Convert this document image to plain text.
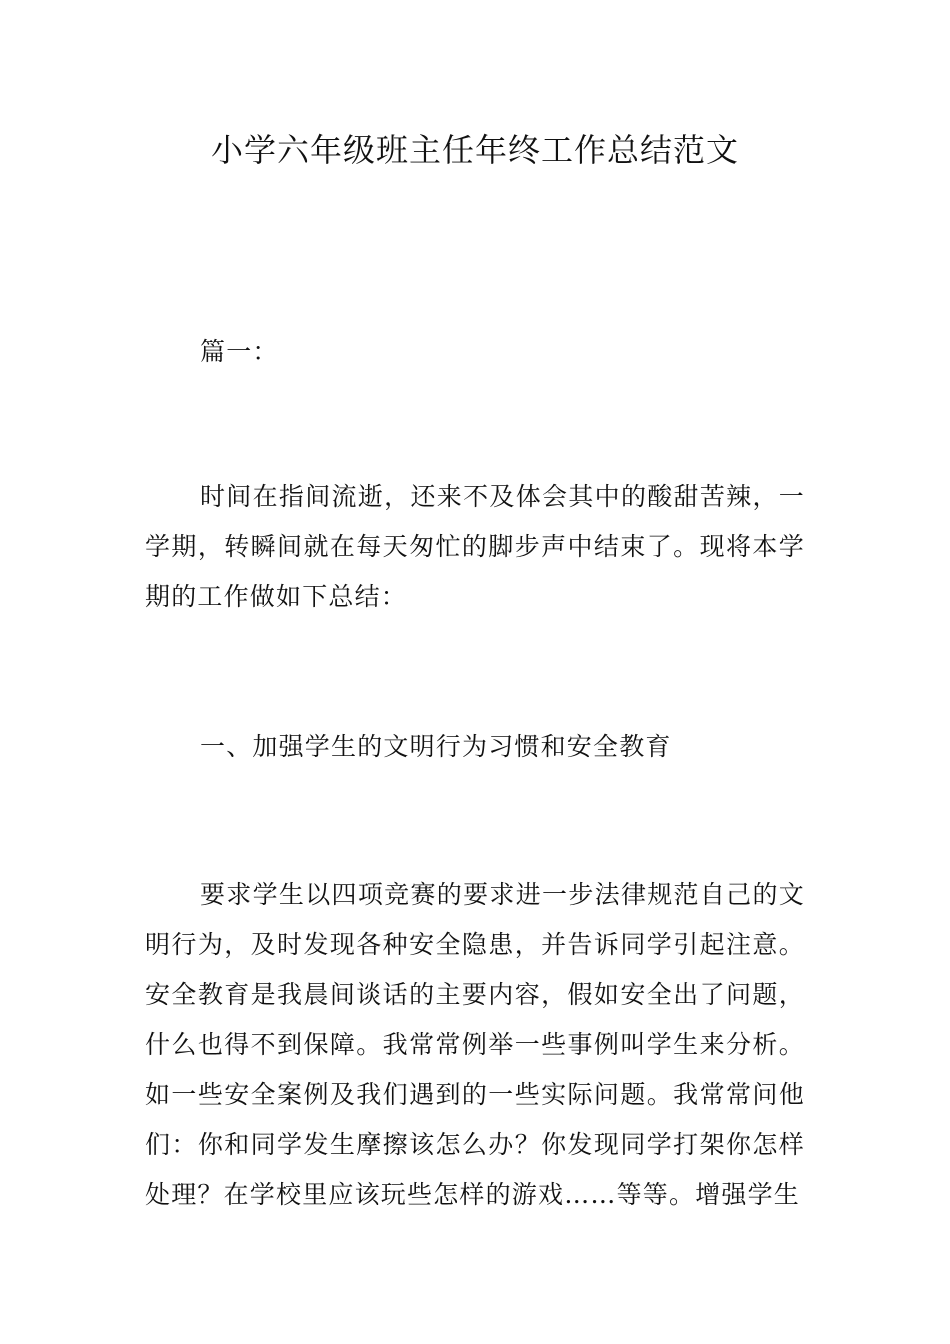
小学六年级班主任年终工作总结范文

篇一：

时间在指间流逝，还来不及体会其中的酸甜苦辣，一学期，转瞬间就在每天匆忙的脚步声中结束了。现将本学期的工作做如下总结：

一、加强学生的文明行为习惯和安全教育

要求学生以四项竞赛的要求进一步法律规范自己的文明行为，及时发现各种安全隐患，并告诉同学引起注意。安全教育是我晨间谈话的主要内容，假如安全出了问题，什么也得不到保障。我常常例举一些事例叫学生来分析。如一些安全案例及我们遇到的一些实际问题。我常常问他们：你和同学发生摩擦该怎么办？你发现同学打架你怎样处理？在学校里应该玩些怎样的游戏……等等。增强学生
